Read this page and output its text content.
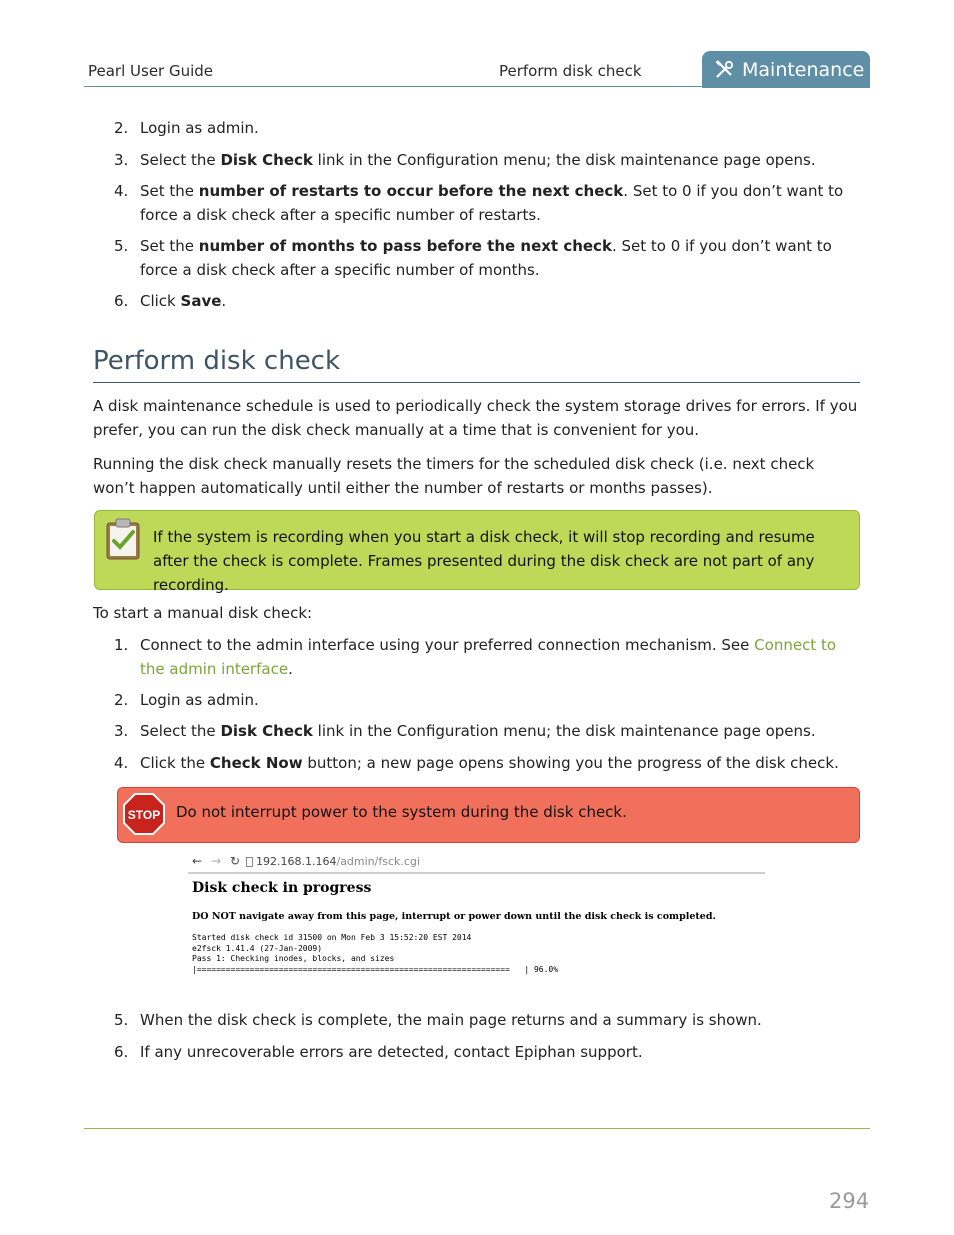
Pearl User Guide	Perform disk check	Maintenance
2. Login as admin.
3. Select the Disk Check link in the Configuration menu; the disk maintenance page opens.
4. Set the number of restarts to occur before the next check. Set to 0 if you don’t want to force a disk check after a specific number of restarts.
5. Set the number of months to pass before the next check. Set to 0 if you don’t want to force a disk check after a specific number of months.
6. Click Save.
Perform disk check
A disk maintenance schedule is used to periodically check the system storage drives for errors. If you prefer, you can run the disk check manually at a time that is convenient for you.
Running the disk check manually resets the timers for the scheduled disk check (i.e. next check won’t happen automatically until either the number of restarts or months passes).
If the system is recording when you start a disk check, it will stop recording and resume after the check is complete. Frames presented during the disk check are not part of any recording.
To start a manual disk check:
1. Connect to the admin interface using your preferred connection mechanism. See Connect to the admin interface.
2. Login as admin.
3. Select the Disk Check link in the Configuration menu; the disk maintenance page opens.
4. Click the Check Now button; a new page opens showing you the progress of the disk check.
STOP Do not interrupt power to the system during the disk check.
← → ↻ 192.168.1.164/admin/fsck.cgi
Disk check in progress
DO NOT navigate away from this page, interrupt or power down until the disk check is completed.
Started disk check id 31500 on Mon Feb 3 15:52:20 EST 2014
e2fsck 1.41.4 (27-Jan-2009)
Pass 1: Checking inodes, blocks, and sizes
|=================================================================   | 96.0%
5. When the disk check is complete, the main page returns and a summary is shown.
6. If any unrecoverable errors are detected, contact Epiphan support.
294
